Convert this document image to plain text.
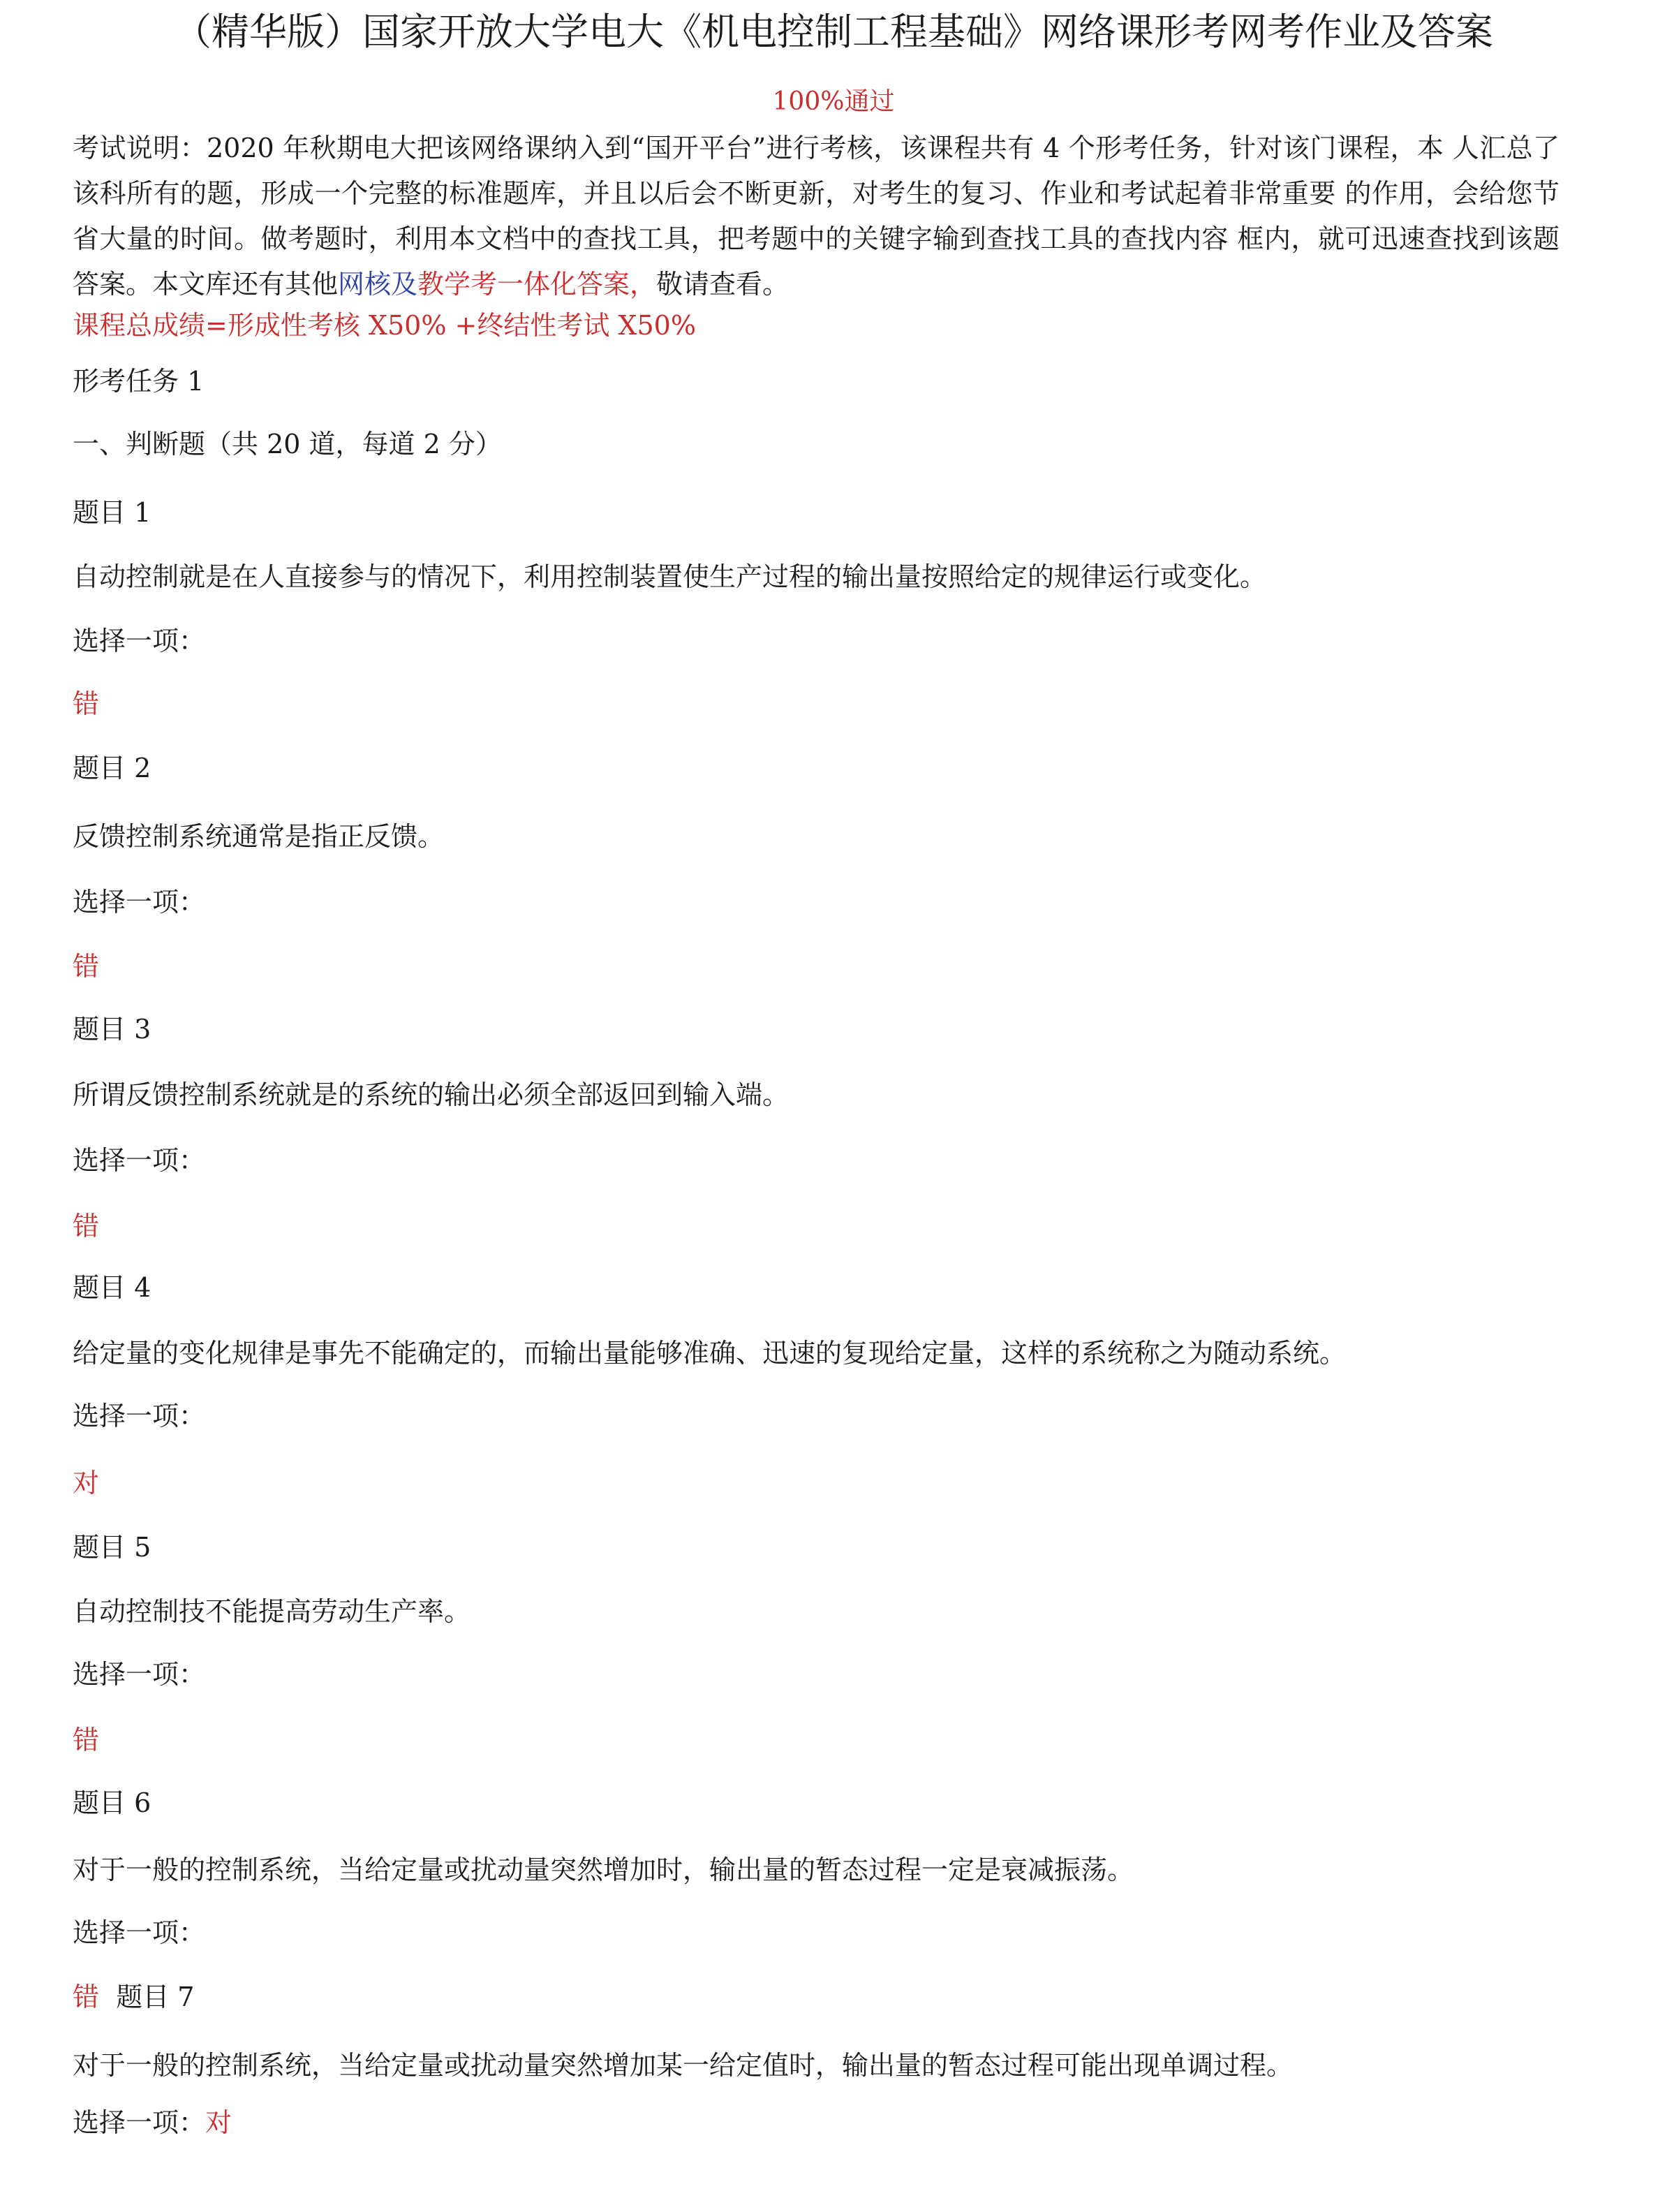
（精华版）国家开放大学电大《机电控制工程基础》网络课形考网考作业及答案
100%通过
考试说明：2020 年秋期电大把该网络课纳入到“国开平台”进行考核，该课程共有 4 个形考任务，针对该门课程，本 人汇总了该科所有的题，形成一个完整的标准题库，并且以后会不断更新，对考生的复习、作业和考试起着非常重要 的作用，会给您节省大量的时间。做考题时，利用本文档中的查找工具，把考题中的关键字输到查找工具的查找内容 框内，就可迅速查找到该题答案。本文库还有其他网核及教学考一体化答案，敬请查看。
课程总成绩=形成性考核 X50% +终结性考试 X50%
形考任务 1
一、判断题（共 20 道，每道 2 分）
题目 1
自动控制就是在人直接参与的情况下，利用控制装置使生产过程的输出量按照给定的规律运行或变化。
选择一项：
错
题目 2
反馈控制系统通常是指正反馈。
选择一项：
错
题目 3
所谓反馈控制系统就是的系统的输出必须全部返回到输入端。
选择一项：
错
题目 4
给定量的变化规律是事先不能确定的，而输出量能够准确、迅速的复现给定量，这样的系统称之为随动系统。
选择一项：
对
题目 5
自动控制技不能提高劳动生产率。
选择一项：
错
题目 6
对于一般的控制系统，当给定量或扰动量突然增加时，输出量的暂态过程一定是衰减振荡。
选择一项：
错 题目 7
对于一般的控制系统，当给定量或扰动量突然增加某一给定值时，输出量的暂态过程可能出现单调过程。
选择一项：对
